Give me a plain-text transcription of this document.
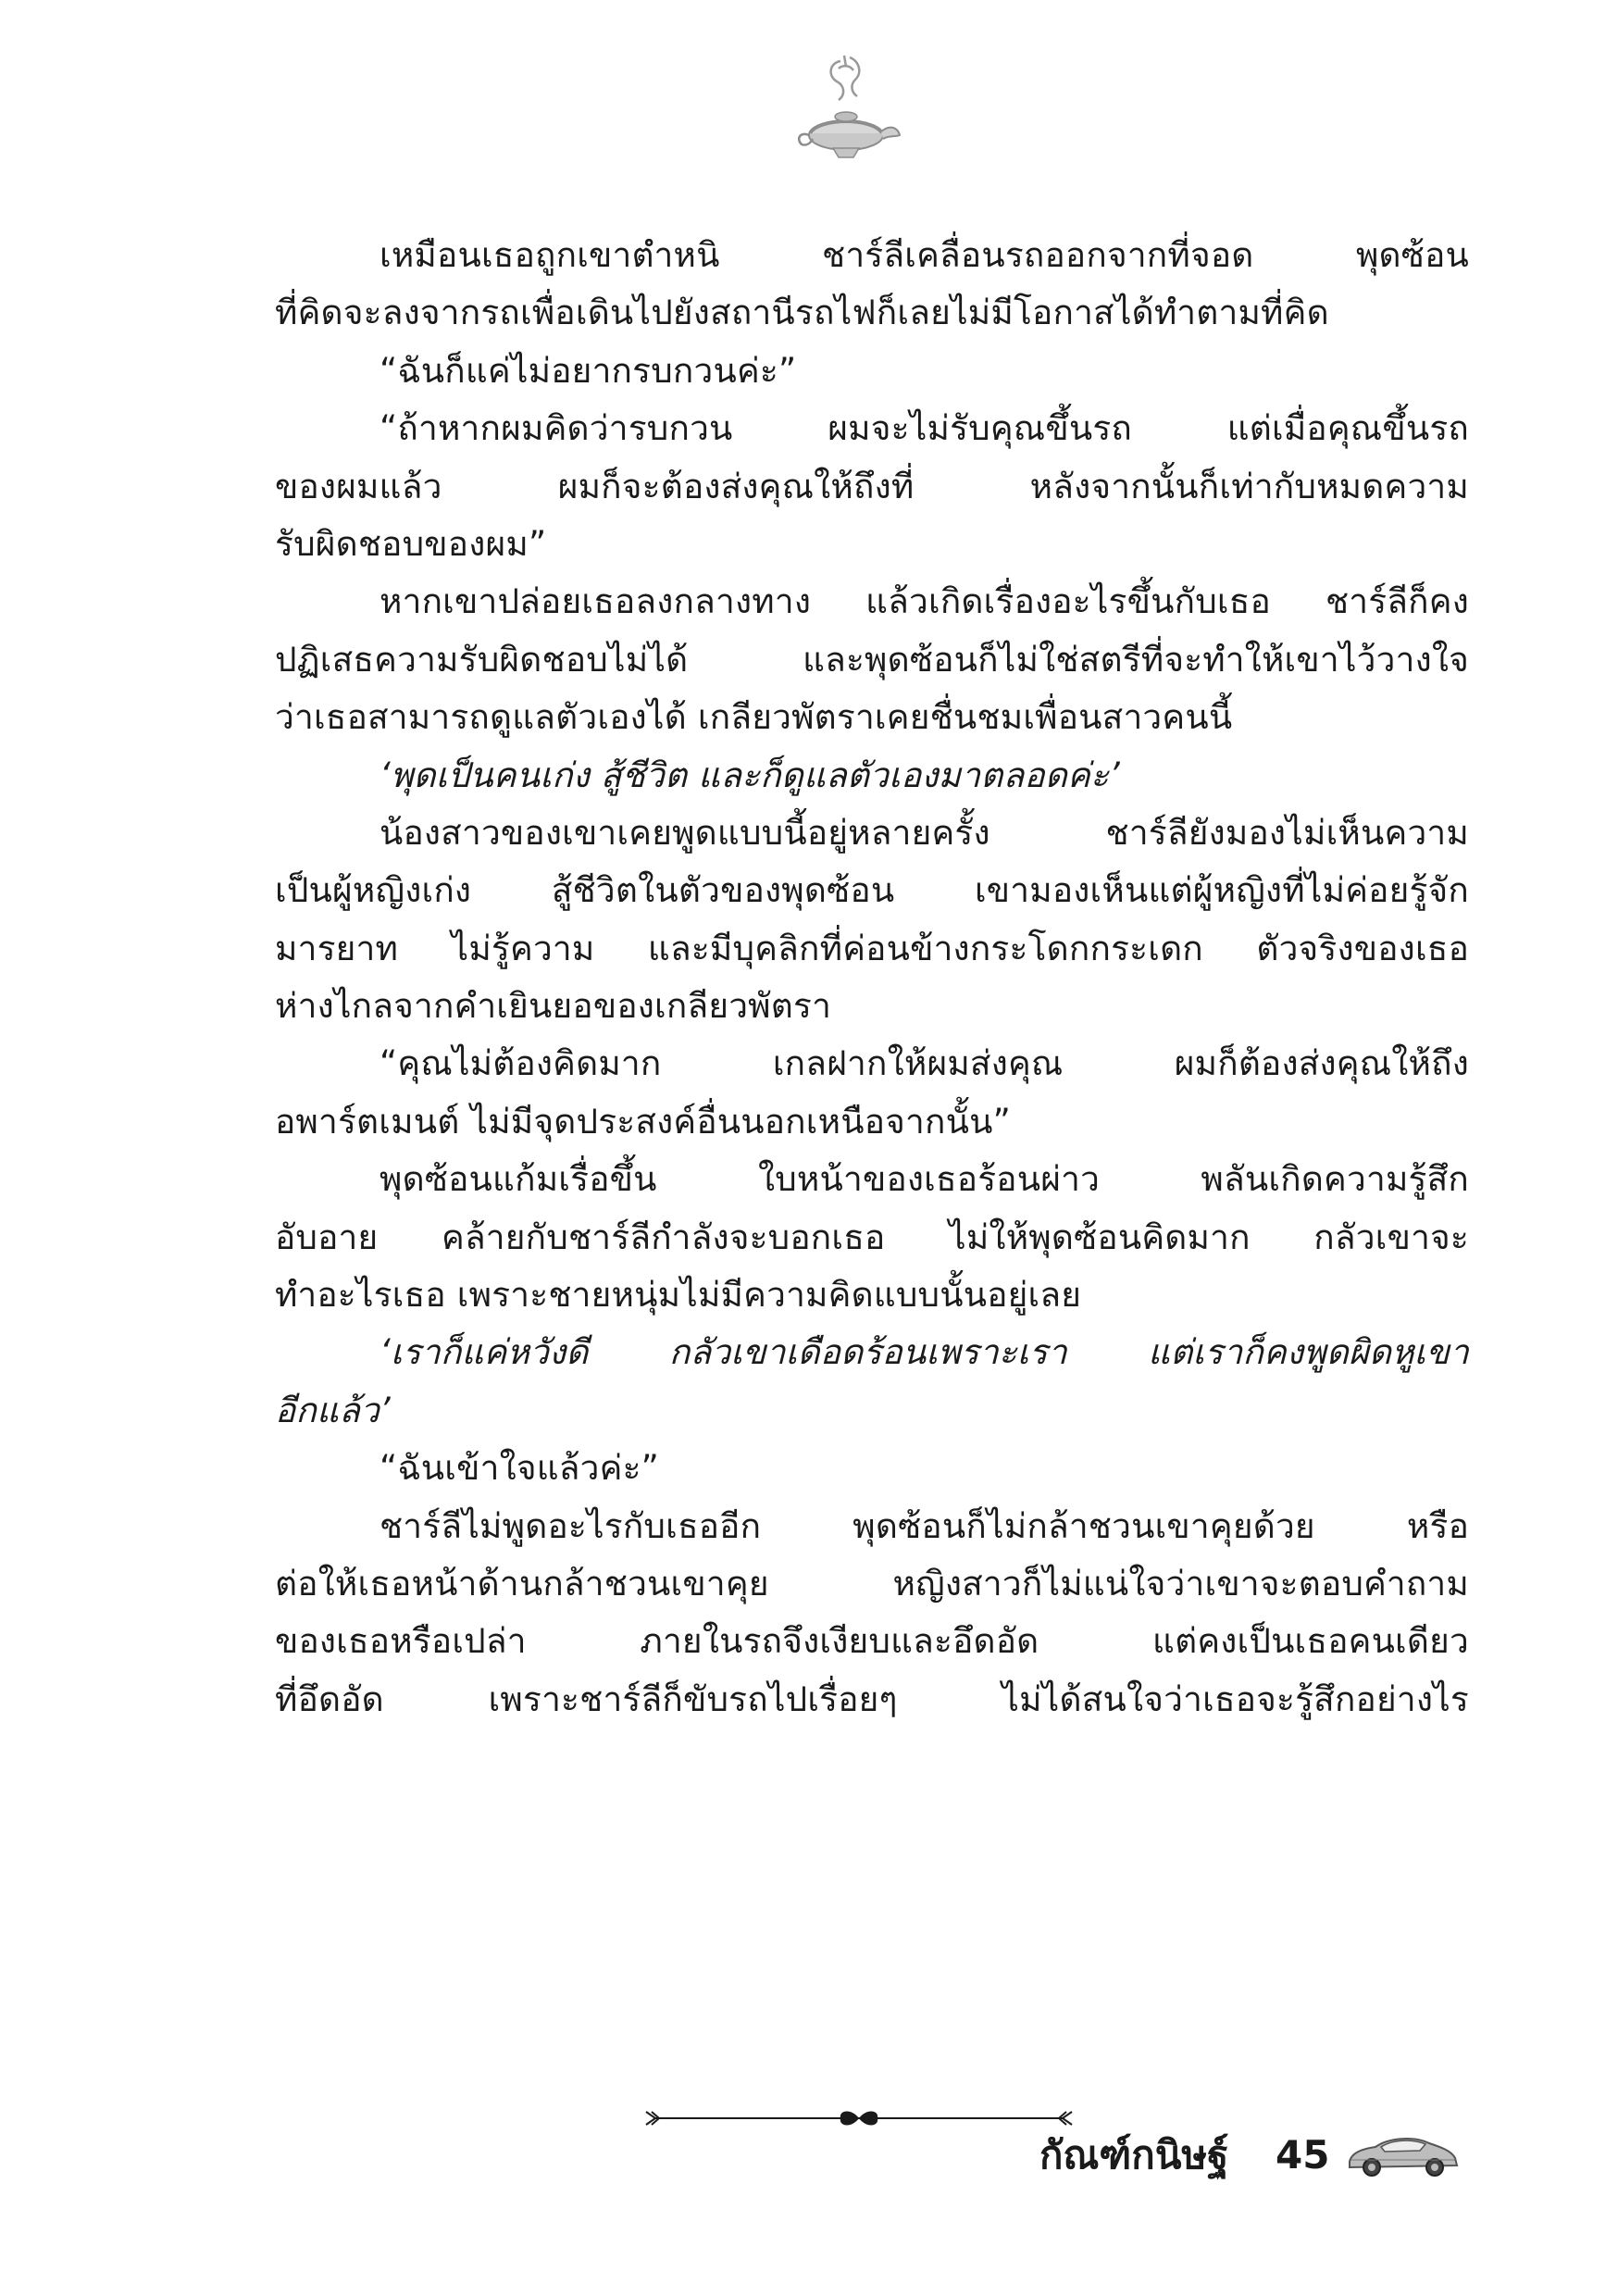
เหมือนเธอถูกเขาตำหนิ ชาร์ลีเคลื่อนรถออกจากที่จอด พุดซ้อน
ที่คิดจะลงจากรถเพื่อเดินไปยังสถานีรถไฟก็เลยไม่มีโอกาสได้ทำตามที่คิด
“ฉันก็แค่ไม่อยากรบกวนค่ะ”
“ถ้าหากผมคิดว่ารบกวน ผมจะไม่รับคุณขึ้นรถ แต่เมื่อคุณขึ้นรถ
ของผมแล้ว ผมก็จะต้องส่งคุณให้ถึงที่ หลังจากนั้นก็เท่ากับหมดความ
รับผิดชอบของผม”
หากเขาปล่อยเธอลงกลางทาง แล้วเกิดเรื่องอะไรขึ้นกับเธอ ชาร์ลีก็คง
ปฏิเสธความรับผิดชอบไม่ได้ และพุดซ้อนก็ไม่ใช่สตรีที่จะทำให้เขาไว้วางใจ
ว่าเธอสามารถดูแลตัวเองได้ เกลียวพัตราเคยชื่นชมเพื่อนสาวคนนี้
‘พุดเป็นคนเก่ง สู้ชีวิต และก็ดูแลตัวเองมาตลอดค่ะ’
น้องสาวของเขาเคยพูดแบบนี้อยู่หลายครั้ง ชาร์ลียังมองไม่เห็นความ
เป็นผู้หญิงเก่ง สู้ชีวิตในตัวของพุดซ้อน เขามองเห็นแต่ผู้หญิงที่ไม่ค่อยรู้จัก
มารยาท ไม่รู้ความ และมีบุคลิกที่ค่อนข้างกระโดกกระเดก ตัวจริงของเธอ
ห่างไกลจากคำเยินยอของเกลียวพัตรา
“คุณไม่ต้องคิดมาก เกลฝากให้ผมส่งคุณ ผมก็ต้องส่งคุณให้ถึง
อพาร์ตเมนต์ ไม่มีจุดประสงค์อื่นนอกเหนือจากนั้น”
พุดซ้อนแก้มเรื่อขึ้น ใบหน้าของเธอร้อนผ่าว พลันเกิดความรู้สึก
อับอาย คล้ายกับชาร์ลีกำลังจะบอกเธอ ไม่ให้พุดซ้อนคิดมาก กลัวเขาจะ
ทำอะไรเธอ เพราะชายหนุ่มไม่มีความคิดแบบนั้นอยู่เลย
‘เราก็แค่หวังดี กลัวเขาเดือดร้อนเพราะเรา แต่เราก็คงพูดผิดหูเขา
อีกแล้ว’
“ฉันเข้าใจแล้วค่ะ”
ชาร์ลีไม่พูดอะไรกับเธออีก พุดซ้อนก็ไม่กล้าชวนเขาคุยด้วย หรือ
ต่อให้เธอหน้าด้านกล้าชวนเขาคุย หญิงสาวก็ไม่แน่ใจว่าเขาจะตอบคำถาม
ของเธอหรือเปล่า ภายในรถจึงเงียบและอึดอัด แต่คงเป็นเธอคนเดียว
ที่อึดอัด เพราะชาร์ลีก็ขับรถไปเรื่อยๆ ไม่ได้สนใจว่าเธอจะรู้สึกอย่างไร
กัณฑ์กนิษฐ์ 45
